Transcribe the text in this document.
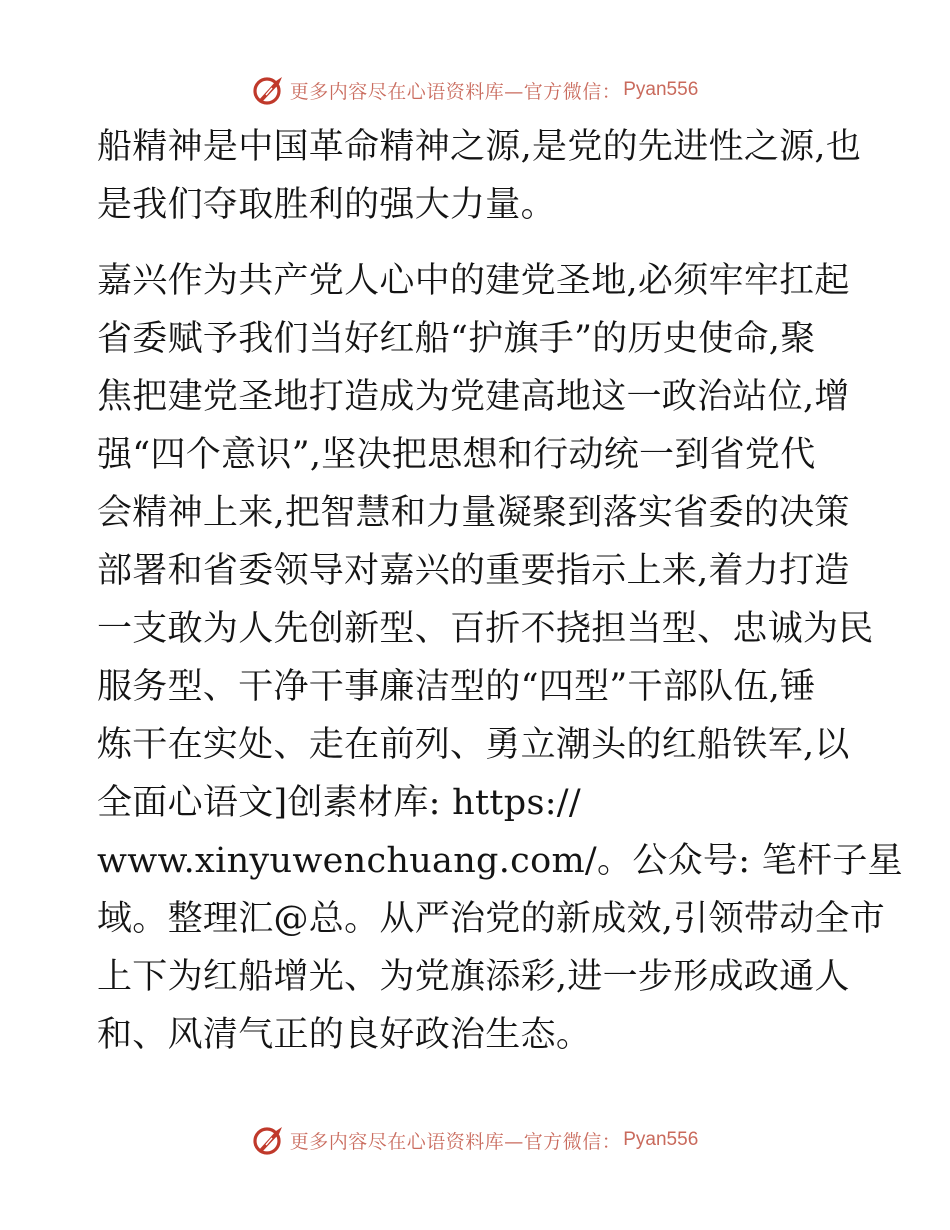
更多内容尽在心语资料库—官方微信： Pyan556
船精神是中国革命精神之源,是党的先进性之源,也
是我们夺取胜利的强大力量。
嘉兴作为共产党人心中的建党圣地,必须牢牢扛起
省委赋予我们当好红船“护旗手”的历史使命,聚
焦把建党圣地打造成为党建高地这一政治站位,增
强“四个意识”,坚决把思想和行动统一到省党代
会精神上来,把智慧和力量凝聚到落实省委的决策
部署和省委领导对嘉兴的重要指示上来,着力打造
一支敢为人先创新型、百折不挠担当型、忠诚为民
服务型、干净干事廉洁型的“四型”干部队伍,锤
炼干在实处、走在前列、勇立潮头的红船铁军,以
全面心语文]创素材库: https://
www.xinyuwenchuang.com/。公众号: 笔杆子星
域。整理汇@总。从严治党的新成效,引领带动全市
上下为红船增光、为党旗添彩,进一步形成政通人
和、风清气正的良好政治生态。
更多内容尽在心语资料库—官方微信： Pyan556
